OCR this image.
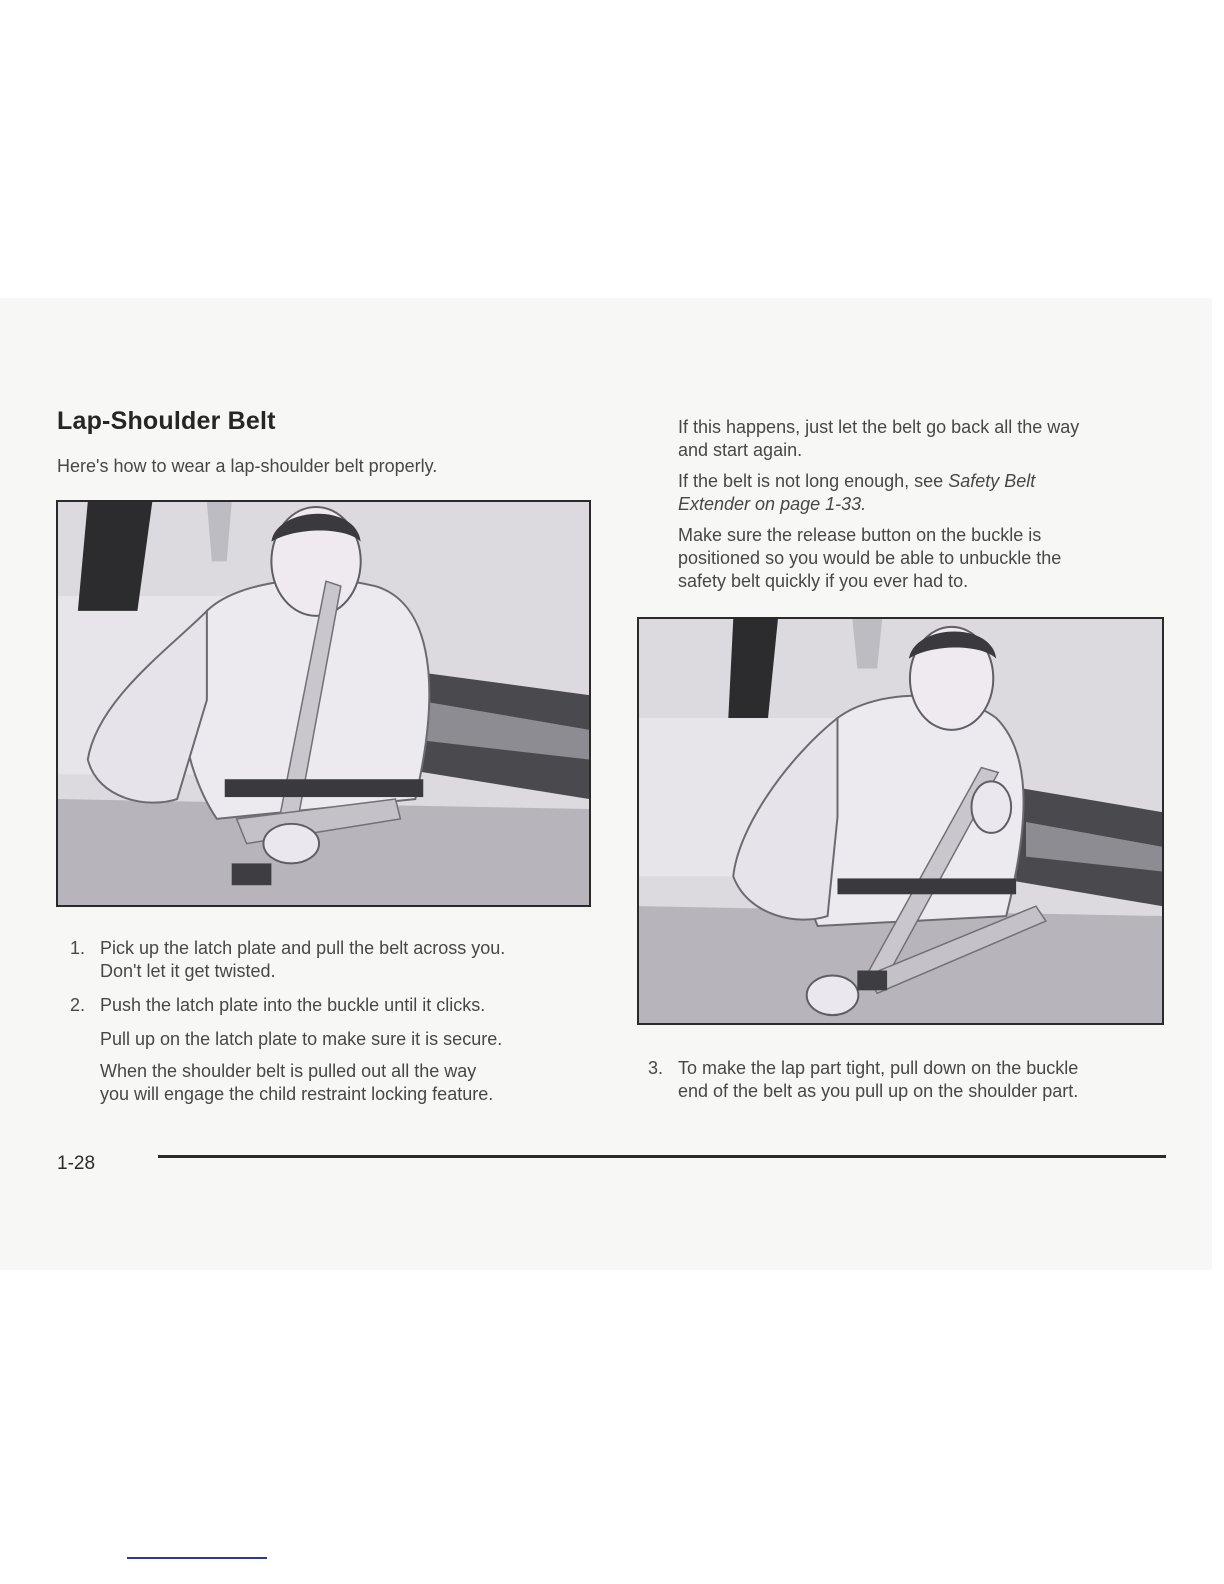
Lap-Shoulder Belt
Here's how to wear a lap-shoulder belt properly.
1. Pick up the latch plate and pull the belt across you.
Don't let it get twisted.
2. Push the latch plate into the buckle until it clicks.
Pull up on the latch plate to make sure it is secure.
When the shoulder belt is pulled out all the way
you will engage the child restraint locking feature.
If this happens, just let the belt go back all the way
and start again.
If the belt is not long enough, see Safety Belt
Extender on page 1-33.
Make sure the release button on the buckle is
positioned so you would be able to unbuckle the
safety belt quickly if you ever had to.
3. To make the lap part tight, pull down on the buckle
end of the belt as you pull up on the shoulder part.
1-28
